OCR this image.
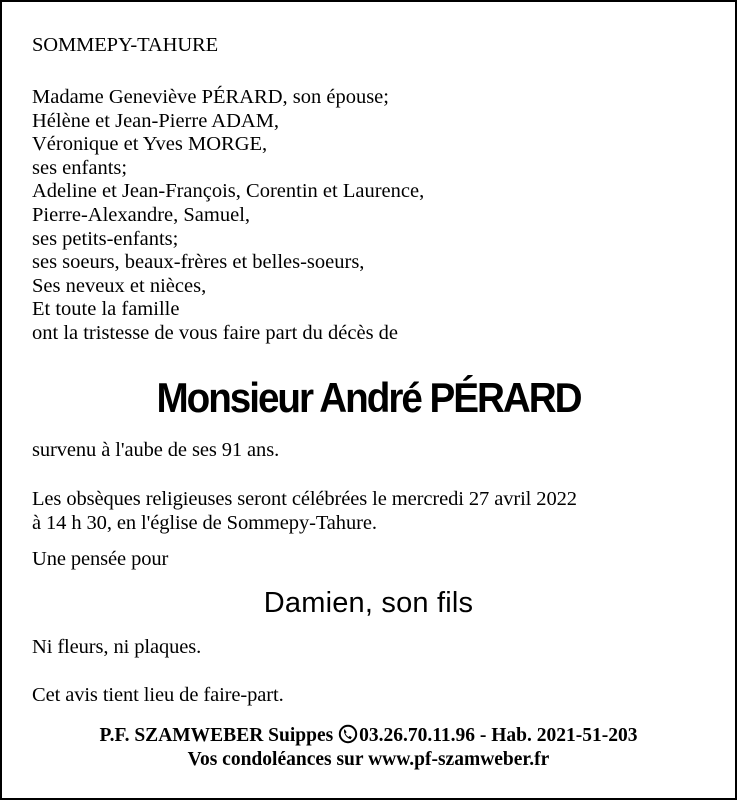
SOMMEPY-TAHURE
Madame Geneviève PÉRARD, son épouse;
Hélène et Jean-Pierre ADAM,
Véronique et Yves MORGE,
ses enfants;
Adeline et Jean-François, Corentin et Laurence,
Pierre-Alexandre, Samuel,
ses petits-enfants;
ses soeurs, beaux-frères et belles-soeurs,
Ses neveux et nièces,
Et toute la famille
ont la tristesse de vous faire part du décès de
Monsieur André PÉRARD
survenu à l'aube de ses 91 ans.
Les obsèques religieuses seront célébrées le mercredi 27 avril 2022
à 14 h 30, en l'église de Sommepy-Tahure.
Une pensée pour
Damien, son fils
Ni fleurs, ni plaques.
Cet avis tient lieu de faire-part.
P.F. SZAMWEBER Suippes 03.26.70.11.96 - Hab. 2021-51-203
Vos condoléances sur www.pf-szamweber.fr
